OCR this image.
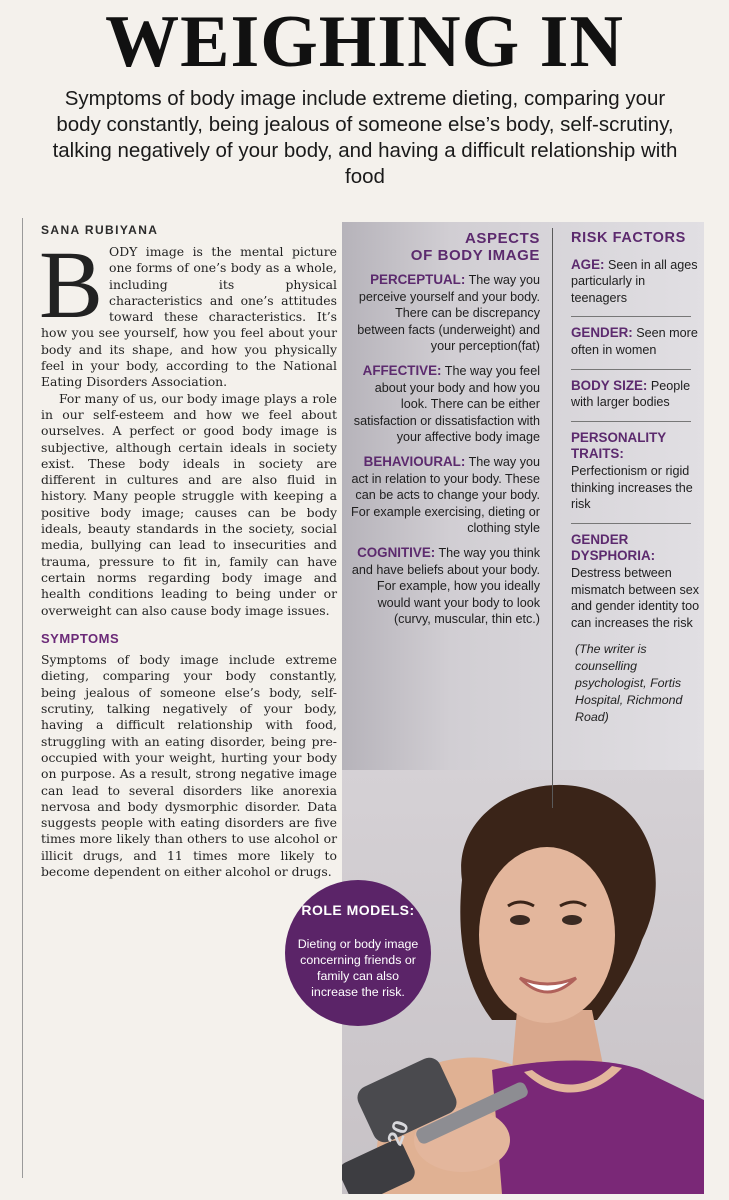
WEIGHING IN
Symptoms of body image include extreme dieting, comparing your body constantly, being jealous of someone else’s body, self-scrutiny, talking negatively of your body, and having a difficult relationship with food
SANA RUBIYANA

BODY image is the mental picture one forms of one’s body as a whole, including its physical characteristics and one’s attitudes toward these characteristics. It’s how you see yourself, how you feel about your body and its shape, and how you physically feel in your body, according to the National Eating Disorders Association.

For many of us, our body image plays a role in our self-esteem and how we feel about ourselves. A perfect or good body image is subjective, although certain ideals in society exist. These body ideals in society are different in cultures and are also fluid in history. Many people struggle with keeping a positive body image; causes can be body ideals, beauty standards in the society, social media, bullying can lead to insecurities and trauma, pressure to fit in, family can have certain norms regarding body image and health conditions leading to being under or overweight can also cause body image issues.

SYMPTOMS

Symptoms of body image include extreme dieting, comparing your body constantly, being jealous of someone else’s body, self-scrutiny, talking negatively of your body, having a difficult relationship with food, struggling with an eating disorder, being pre-occupied with your weight, hurting your body on purpose. As a result, strong negative image can lead to several disorders like anorexia nervosa and body dysmorphic disorder. Data suggests people with eating disorders are five times more likely than others to use alcohol or illicit drugs, and 11 times more likely to become dependent on either alcohol or drugs.

20
ASPECTS
OF BODY IMAGE
PERCEPTUAL: The way you perceive yourself and your body. There can be discrepancy between facts (underweight) and your perception(fat)
AFFECTIVE: The way you feel about your body and how you look. There can be either satisfaction or dissatisfaction with your affective body image
BEHAVIOURAL: The way you act in relation to your body. These can be acts to change your body. For example exercising, dieting or clothing style
COGNITIVE: The way you think and have beliefs about your body. For example, how you ideally would want your body to look (curvy, muscular, thin etc.)
RISK FACTORS
AGE: Seen in all ages particularly in teenagers
GENDER: Seen more often in women
BODY SIZE: People with larger bodies
PERSONALITY TRAITS: Perfectionism or rigid thinking increases the risk
GENDER DYSPHORIA: Destress between mismatch between sex and gender identity too can increases the risk
(The writer is counselling psychologist, Fortis Hospital, Richmond Road)
ROLE MODELS:
Dieting or body image concerning friends or family can also increase the risk.
